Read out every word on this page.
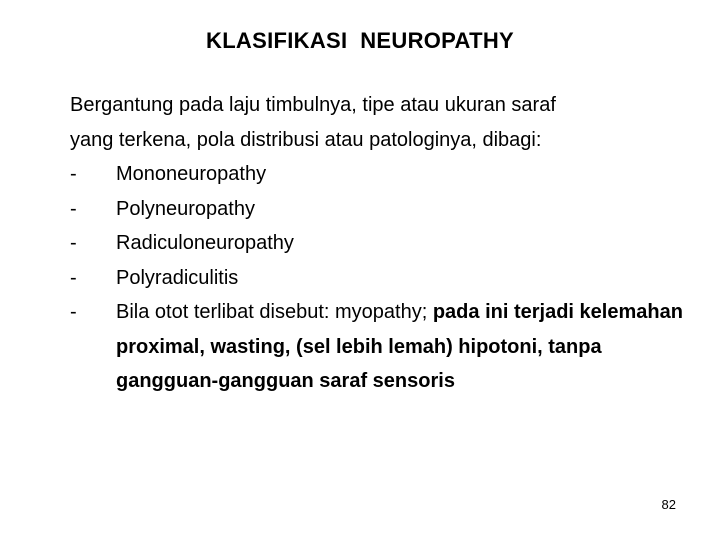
KLASIFIKASI  NEUROPATHY
Bergantung pada laju timbulnya, tipe atau ukuran saraf
yang terkena, pola distribusi atau patologinya, dibagi:
-	Mononeuropathy
-	Polyneuropathy
-	Radiculoneuropathy
-	Polyradiculitis
-	Bila otot terlibat disebut: myopathy; pada ini terjadi kelemahan proximal, wasting, (sel lebih lemah) hipotoni, tanpa gangguan-gangguan saraf sensoris
82
